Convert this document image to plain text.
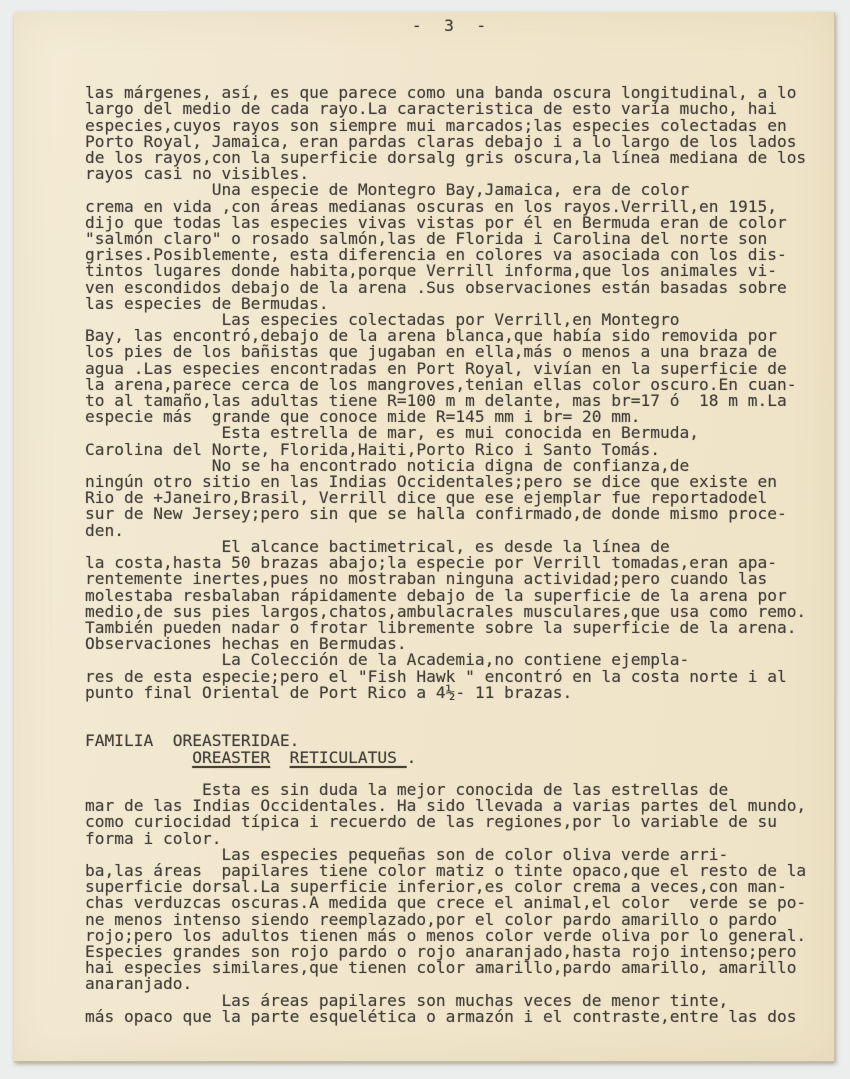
-  3  -
las márgenes, así, es que parece como una banda oscura longitudinal, a lo
largo del medio de cada rayo.La caracteristica de esto varía mucho, hai
especies,cuyos rayos son siempre mui marcados;las especies colectadas en
Porto Royal, Jamaica, eran pardas claras debajo i a lo largo de los lados
de los rayos,con la superficie dorsalg gris oscura,la línea mediana de los
rayos casi no visibles.
Una especie de Montegro Bay,Jamaica, era de color
crema en vida ,con áreas medianas oscuras en los rayos.Verrill,en 1915,
dijo que todas las especies vivas vistas por él en Bermuda eran de color
"salmón claro" o rosado salmón,las de Florida i Carolina del norte son
grises.Posiblemente, esta diferencia en colores va asociada con los dis-
tintos lugares donde habita,porque Verrill informa,que los animales vi-
ven escondidos debajo de la arena .Sus observaciones están basadas sobre
las especies de Bermudas.
Las especies colectadas por Verrill,en Montegro
Bay, las encontró,debajo de la arena blanca,que había sido removida por
los pies de los bañistas que jugaban en ella,más o menos a una braza de
agua .Las especies encontradas en Port Royal, vivían en la superficie de
la arena,parece cerca de los mangroves,tenian ellas color oscuro.En cuan-
to al tamaño,las adultas tiene R=100 m m delante, mas br=17 ó  18 m m.La
especie más  grande que conoce mide R=145 mm i br= 20 mm.
Esta estrella de mar, es mui conocida en Bermuda,
Carolina del Norte, Florida,Haiti,Porto Rico i Santo Tomás.
No se ha encontrado noticia digna de confianza,de
ningún otro sitio en las Indias Occidentales;pero se dice que existe en
Rio de +Janeiro,Brasil, Verrill dice que ese ejemplar fue reportadodel
sur de New Jersey;pero sin que se halla confirmado,de donde mismo proce-
den.
El alcance bactimetrical, es desde la línea de
la costa,hasta 50 brazas abajo;la especie por Verrill tomadas,eran apa-
rentemente inertes,pues no mostraban ninguna actividad;pero cuando las
molestaba resbalaban rápidamente debajo de la superficie de la arena por
medio,de sus pies largos,chatos,ambulacrales musculares,que usa como remo.
También pueden nadar o frotar libremente sobre la superficie de la arena.
Observaciones hechas en Bermudas.
La Colección de la Academia,no contiene ejempla-
res de esta especie;pero el "Fish Hawk " encontró en la costa norte i al
punto final Oriental de Port Rico a 4½- 11 brazas.

FAMILIA  OREASTERIDAE.
OREASTER RETICULATUS .

Esta es sin duda la mejor conocida de las estrellas de
mar de las Indias Occidentales. Ha sido llevada a varias partes del mundo,
como curiocidad típica i recuerdo de las regiones,por lo variable de su
forma i color.
Las especies pequeñas son de color oliva verde arri-
ba,las áreas  papilares tiene color matiz o tinte opaco,que el resto de la
superficie dorsal.La superficie inferior,es color crema a veces,con man-
chas verduzcas oscuras.A medida que crece el animal,el color  verde se po-
ne menos intenso siendo reemplazado,por el color pardo amarillo o pardo
rojo;pero los adultos tienen más o menos color verde oliva por lo general.
Especies grandes son rojo pardo o rojo anaranjado,hasta rojo intenso;pero
hai especies similares,que tienen color amarillo,pardo amarillo, amarillo
anaranjado.
Las áreas papilares son muchas veces de menor tinte,
más opaco que la parte esquelética o armazón i el contraste,entre las dos
